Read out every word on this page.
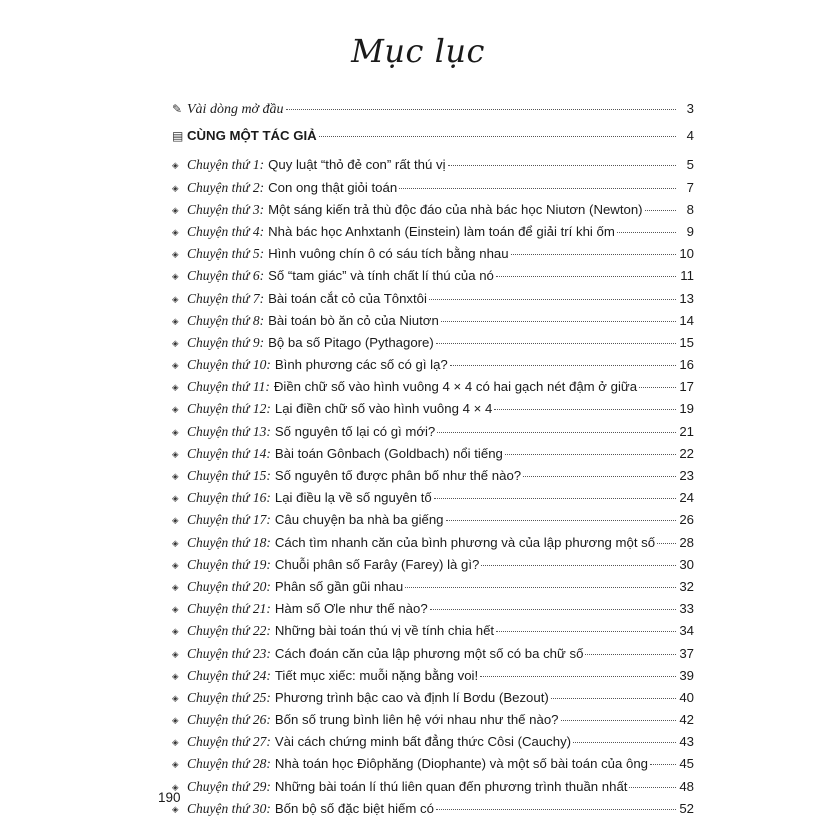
Mục lục
✎ Vài dòng mở đầu	3
▤ CÙNG MỘT TÁC GIẢ	4
◈ Chuyện thứ 1: Quy luật “thỏ đẻ con” rất thú vị	5
◈ Chuyện thứ 2: Con ong thật giỏi toán	7
◈ Chuyện thứ 3: Một sáng kiến trả thù độc đáo của nhà bác học Niutơn (Newton)	8
◈ Chuyện thứ 4: Nhà bác học Anhxtanh (Einstein) làm toán để giải trí khi ốm	9
◈ Chuyện thứ 5: Hình vuông chín ô có sáu tích bằng nhau	10
◈ Chuyện thứ 6: Số “tam giác” và tính chất lí thú của nó	11
◈ Chuyện thứ 7: Bài toán cắt cỏ của Tônxtôi	13
◈ Chuyện thứ 8: Bài toán bò ăn cỏ của Niutơn	14
◈ Chuyện thứ 9: Bộ ba số Pitago (Pythagore)	15
◈ Chuyện thứ 10: Bình phương các số có gì lạ?	16
◈ Chuyện thứ 11: Điền chữ số vào hình vuông 4 × 4 có hai gạch nét đậm ở giữa	17
◈ Chuyện thứ 12: Lại điền chữ số vào hình vuông 4 × 4	19
◈ Chuyện thứ 13: Số nguyên tố lại có gì mới?	21
◈ Chuyện thứ 14: Bài toán Gônbach (Goldbach) nổi tiếng	22
◈ Chuyện thứ 15: Số nguyên tố được phân bố như thế nào?	23
◈ Chuyện thứ 16: Lại điều lạ về số nguyên tố	24
◈ Chuyện thứ 17: Câu chuyện ba nhà ba giếng	26
◈ Chuyện thứ 18: Cách tìm nhanh căn của bình phương và của lập phương một số 28
◈ Chuyện thứ 19: Chuỗi phân số Farây (Farey) là gì?	30
◈ Chuyện thứ 20: Phân số gần gũi nhau	32
◈ Chuyện thứ 21: Hàm số Ơle như thế nào?	33
◈ Chuyện thứ 22: Những bài toán thú vị về tính chia hết	34
◈ Chuyện thứ 23: Cách đoán căn của lập phương một số có ba chữ số	37
◈ Chuyện thứ 24: Tiết mục xiếc: muỗi nặng bằng voi!	39
◈ Chuyện thứ 25: Phương trình bậc cao và định lí Bơdu (Bezout)	40
◈ Chuyện thứ 26: Bốn số trung bình liên hệ với nhau như thế nào?	42
◈ Chuyện thứ 27: Vài cách chứng minh bất đẳng thức Côsi (Cauchy)	43
◈ Chuyện thứ 28: Nhà toán học Điôphăng (Diophante) và một số bài toán của ông 45
◈ Chuyện thứ 29: Những bài toán lí thú liên quan đến phương trình thuần nhất	48
◈ Chuyện thứ 30: Bốn bộ số đặc biệt hiếm có	52
190
